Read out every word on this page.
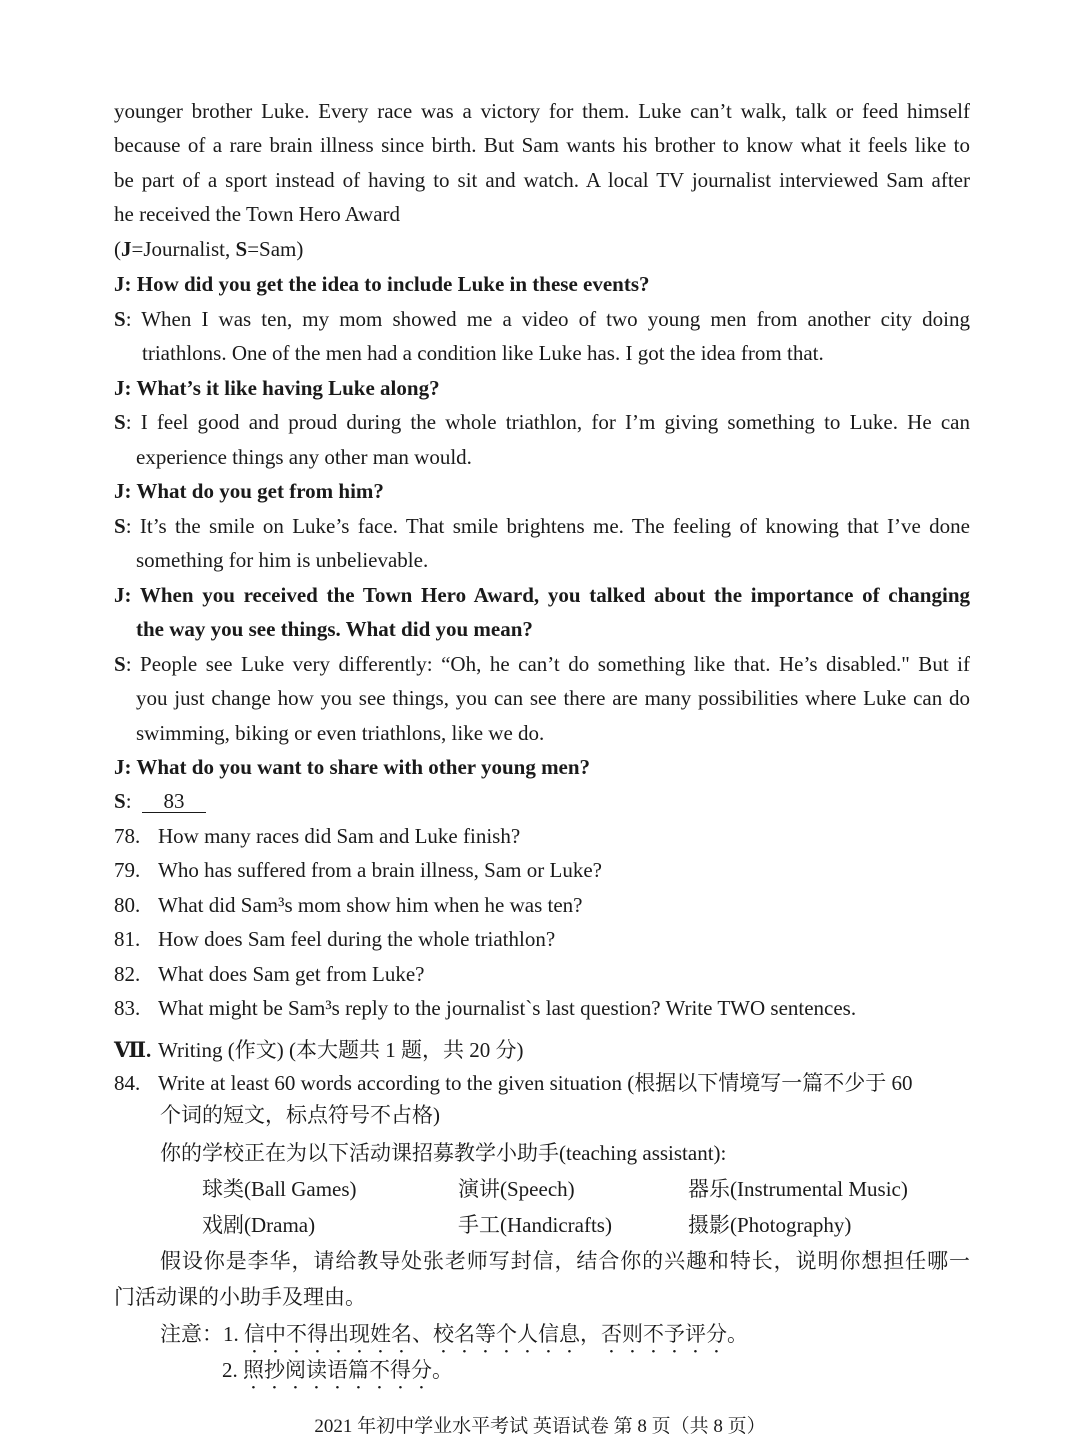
younger brother Luke. Every race was a victory for them. Luke can’t walk, talk or feed himself
because of a rare brain illness since birth. But Sam wants his brother to know what it feels like to
be part of a sport instead of having to sit and watch. A local TV journalist interviewed Sam after
he received the Town Hero Award
(J=Journalist, S=Sam)
J: How did you get the idea to include Luke in these events?
S: When I was ten, my mom showed me a video of two young men from another city doing
triathlons. One of the men had a condition like Luke has. I got the idea from that.
J: What’s it like having Luke along?
S: I feel good and proud during the whole triathlon, for I’m giving something to Luke. He can
experience things any other man would.
J: What do you get from him?
S: It’s the smile on Luke’s face. That smile brightens me. The feeling of knowing that I’ve done
something for him is unbelievable.
J: When you received the Town Hero Award, you talked about the importance of changing
the way you see things. What did you mean?
S: People see Luke very differently: “Oh, he can’t do something like that. He’s disabled." But if
you just change how you see things, you can see there are many possibilities where Luke can do
swimming, biking or even triathlons, like we do.
J: What do you want to share with other young men?
S:  83
78. How many races did Sam and Luke finish?
79. Who has suffered from a brain illness, Sam or Luke?
80. What did Sam³s mom show him when he was ten?
81. How does Sam feel during the whole triathlon?
82. What does Sam get from Luke?
83. What might be Sam³s reply to the journalist`s last question? Write TWO sentences.
Ⅶ. Writing (作文) (本大题共 1 题，共 20 分)
84. Write at least 60 words according to the given situation (根据以下情境写一篇不少于 60
个词的短文，标点符号不占格)
你的学校正在为以下活动课招募教学小助手(teaching assistant):
球类(Ball Games)	演讲(Speech)	器乐(Instrumental Music)
戏剧(Drama)	手工(Handicrafts)	摄影(Photography)
假设你是李华，请给教导处张老师写封信，结合你的兴趣和特长，说明你想担任哪一
门活动课的小助手及理由。
注意：1. 信中不得出现姓名、校名等个人信息，否则不予评分。
2. 照抄阅读语篇不得分。
2021 年初中学业水平考试 英语试卷 第 8 页（共 8 页）
